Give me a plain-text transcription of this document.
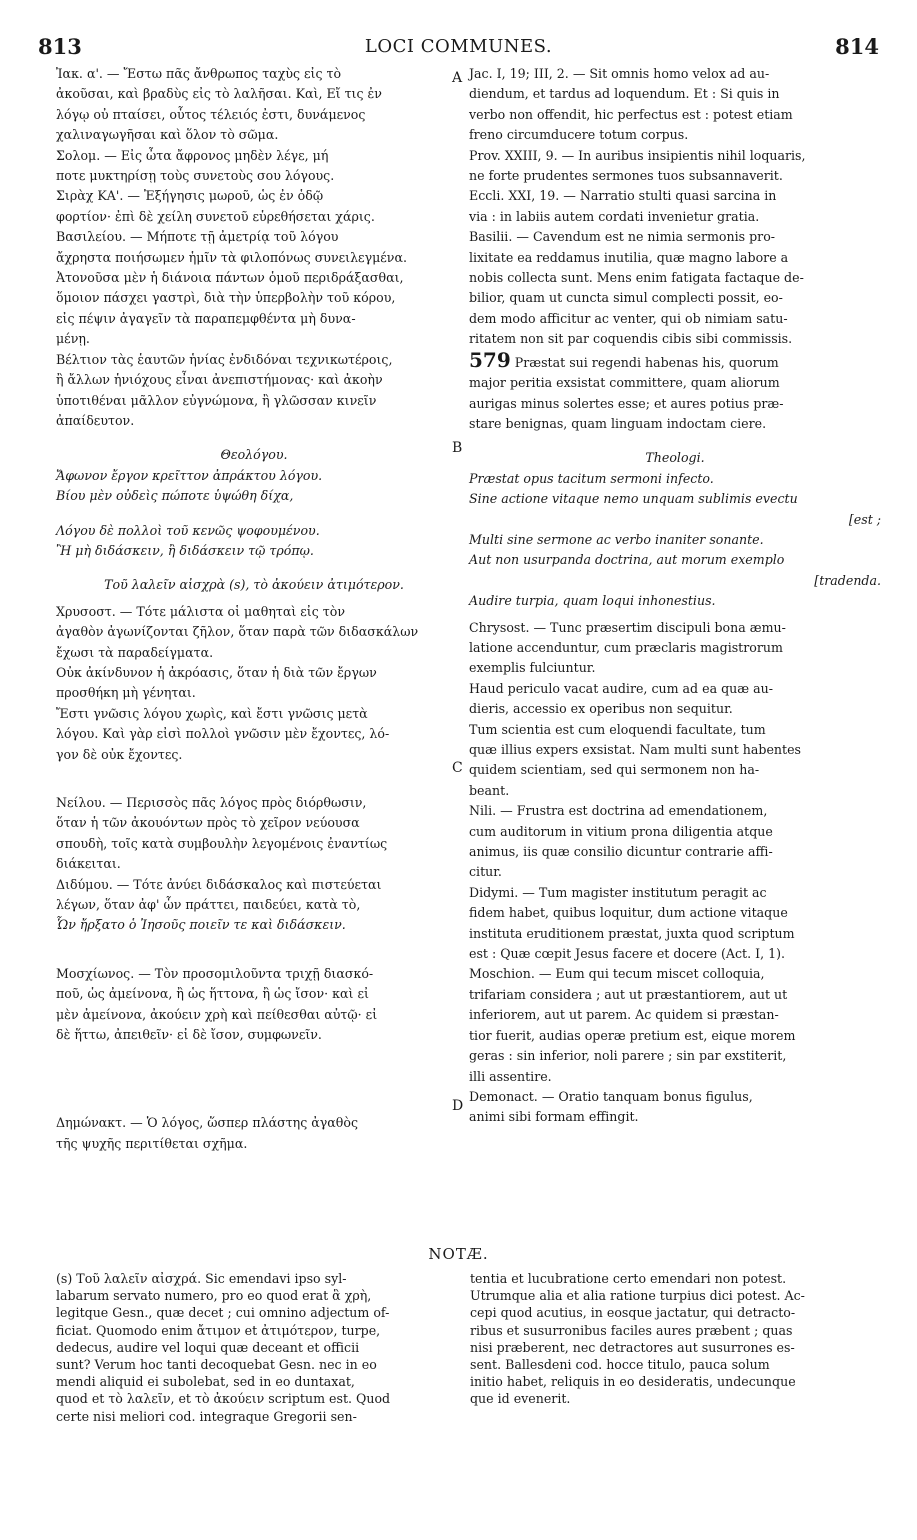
813	LOCI COMMUNES.	814
A
B
C
D

Ἰακ. α'. — Ἔστω πᾶς ἄνθρωπος ταχὺς εἰς τὸ

ἀκοῦσαι, καὶ βραδὺς εἰς τὸ λαλῆσαι. Καὶ, Εἴ τις ἐν

λόγῳ οὐ πταίσει, οὗτος τέλειός ἐστι, δυνάμενος

χαλιναγωγῆσαι καὶ ὅλον τὸ σῶμα.

Σολομ. — Εἰς ὦτα ἄφρονος μηδὲν λέγε, μή

ποτε μυκτηρίσῃ τοὺς συνετοὺς σου λόγους.

Σιρὰχ ΚΑ'. — Ἐξήγησις μωροῦ, ὡς ἐν ὁδῷ

φορτίον· ἐπὶ δὲ χείλη συνετοῦ εὑρεθήσεται χάρις.

Βασιλείου. — Μήποτε τῇ ἀμετρίᾳ τοῦ λόγου

ἄχρηστα ποιήσωμεν ἡμῖν τὰ φιλοπόνως συνειλεγμένα.

Ἀτονοῦσα μὲν ἡ διάνοια πάντων ὁμοῦ περιδράξασθαι,

ὅμοιον πάσχει γαστρὶ, διὰ τὴν ὑπερβολὴν τοῦ κόρου,

εἰς πέψιν ἀγαγεῖν τὰ παραπεμφθέντα μὴ δυνα-

μένῃ.

Βέλτιον τὰς ἑαυτῶν ἡνίας ἐνδιδόναι τεχνικωτέροις,

ἢ ἄλλων ἡνιόχους εἶναι ἀνεπιστήμονας· καὶ ἀκοὴν

ὑποτιθέναι μᾶλλον εὐγνώμονα, ἢ γλῶσσαν κινεῖν

ἀπαίδευτον.

Θεολόγου.

Ἄφωνον ἔργον κρεῖττον ἀπράκτου λόγου.

Βίου μὲν οὐδεὶς πώποτε ὑψώθη δίχα,

Λόγου δὲ πολλοὶ τοῦ κενῶς ψοφουμένου.

Ἢ μὴ διδάσκειν, ἢ διδάσκειν τῷ τρόπῳ.

Τοῦ λαλεῖν αἰσχρὰ (s), τὸ ἀκούειν ἀτιμότερον.

Χρυσοστ. — Τότε μάλιστα οἱ μαθηταὶ εἰς τὸν

ἀγαθὸν ἀγωνίζονται ζῆλον, ὅταν παρὰ τῶν διδασκάλων

ἔχωσι τὰ παραδείγματα.

Οὐκ ἀκίνδυνον ἡ ἀκρόασις, ὅταν ἡ διὰ τῶν ἔργων

προσθήκη μὴ γένηται.

Ἔστι γνῶσις λόγου χωρὶς, καὶ ἔστι γνῶσις μετὰ

λόγου. Καὶ γὰρ εἰσὶ πολλοὶ γνῶσιν μὲν ἔχοντες, λό-

γον δὲ οὐκ ἔχοντες.

Νείλου. — Περισσὸς πᾶς λόγος πρὸς διόρθωσιν,

ὅταν ἡ τῶν ἀκουόντων πρὸς τὸ χεῖρον νεύουσα

σπουδὴ, τοῖς κατὰ συμβουλὴν λεγομένοις ἐναντίως

διάκειται.

Διδύμου. — Τότε ἀνύει διδάσκαλος καὶ πιστεύεται

λέγων, ὅταν ἀφ' ὧν πράττει, παιδεύει, κατὰ τὸ,

Ὧν ἤρξατο ὁ Ἰησοῦς ποιεῖν τε καὶ διδάσκειν.

Μοσχίωνος. — Τὸν προσομιλοῦντα τριχῇ διασκό-

ποῦ, ὡς ἀμείνονα, ἢ ὡς ἥττονα, ἢ ὡς ἴσον· καὶ εἰ

μὲν ἀμείνονα, ἀκούειν χρὴ καὶ πείθεσθαι αὐτῷ· εἰ

δὲ ἥττω, ἀπειθεῖν· εἰ δὲ ἴσον, συμφωνεῖν.

Δημώνακτ. — Ὁ λόγος, ὥσπερ πλάστης ἀγαθὸς

τῆς ψυχῆς περιτίθεται σχῆμα.

Jac. I, 19; III, 2. — Sit omnis homo velox ad au-

diendum, et tardus ad loquendum. Et : Si quis in

verbo non offendit, hic perfectus est : potest etiam

freno circumducere totum corpus.

Prov. XXIII, 9. — In auribus insipientis nihil loquaris,

ne forte prudentes sermones tuos subsannaverit.

Eccli. XXI, 19. — Narratio stulti quasi sarcina in

via : in labiis autem cordati invenietur gratia.

Basilii. — Cavendum est ne nimia sermonis pro-

lixitate ea reddamus inutilia, quæ magno labore a

nobis collecta sunt. Mens enim fatigata factaque de-

bilior, quam ut cuncta simul complecti possit, eo-

dem modo afficitur ac venter, qui ob nimiam satu-

ritatem non sit par coquendis cibis sibi commissis.

579 Præstat sui regendi habenas his, quorum

major peritia exsistat committere, quam aliorum

aurigas minus solertes esse; et aures potius præ-

stare benignas, quam linguam indoctam ciere.

Theologi.

Præstat opus tacitum sermoni infecto.

Sine actione vitaque nemo unquam sublimis evectu

[est ;

Multi sine sermone ac verbo inaniter sonante.

Aut non usurpanda doctrina, aut morum exemplo

[tradenda.

Audire turpia, quam loqui inhonestius.

Chrysost. — Tunc præsertim discipuli bona æmu-

latione accenduntur, cum præclaris magistrorum

exemplis fulciuntur.

Haud periculo vacat audire, cum ad ea quæ au-

dieris, accessio ex operibus non sequitur.

Tum scientia est cum eloquendi facultate, tum

quæ illius expers exsistat. Nam multi sunt habentes

quidem scientiam, sed qui sermonem non ha-

beant.

Nili. — Frustra est doctrina ad emendationem,

cum auditorum in vitium prona diligentia atque

animus, iis quæ consilio dicuntur contrarie affi-

citur.

Didymi. — Tum magister institutum peragit ac

fidem habet, quibus loquitur, dum actione vitaque

instituta eruditionem præstat, juxta quod scriptum

est : Quæ cœpit Jesus facere et docere (Act. I, 1).

Moschion. — Eum qui tecum miscet colloquia,

trifariam considera ; aut ut præstantiorem, aut ut

inferiorem, aut ut parem. Ac quidem si præstan-

tior fuerit, audias operæ pretium est, eique morem

geras : sin inferior, noli parere ; sin par exstiterit,

illi assentire.

Demonact. — Oratio tanquam bonus figulus,

animi sibi formam effingit.

NOTÆ.
(s) Τοῦ λαλεῖν αἰσχρά. Sic emendavi ipso syl-
labarum servato numero, pro eo quod erat ἃ χρὴ,
legitque Gesn., quæ decet ; cui omnino adjectum of-
ficiat. Quomodo enim ἄτιμον et ἀτιμότερον, turpe,
dedecus, audire vel loqui quæ deceant et officii
sunt? Verum hoc tanti decoquebat Gesn. nec in eo
mendi aliquid ei subolebat, sed in eo duntaxat,
quod et τὸ λαλεῖν, et τὸ ἀκούειν scriptum est. Quod
certe nisi meliori cod. integraque Gregorii sen-
tentia et lucubratione certo emendari non potest.
Utrumque alia et alia ratione turpius dici potest. Ac-
cepi quod acutius, in eosque jactatur, qui detracto-
ribus et susurronibus faciles aures præbent ; quas
nisi præberent, nec detractores aut susurrones es-
sent. Ballesdeni cod. hocce titulo, pauca solum
initio habet, reliquis in eo desideratis, undecunque
que id evenerit.
